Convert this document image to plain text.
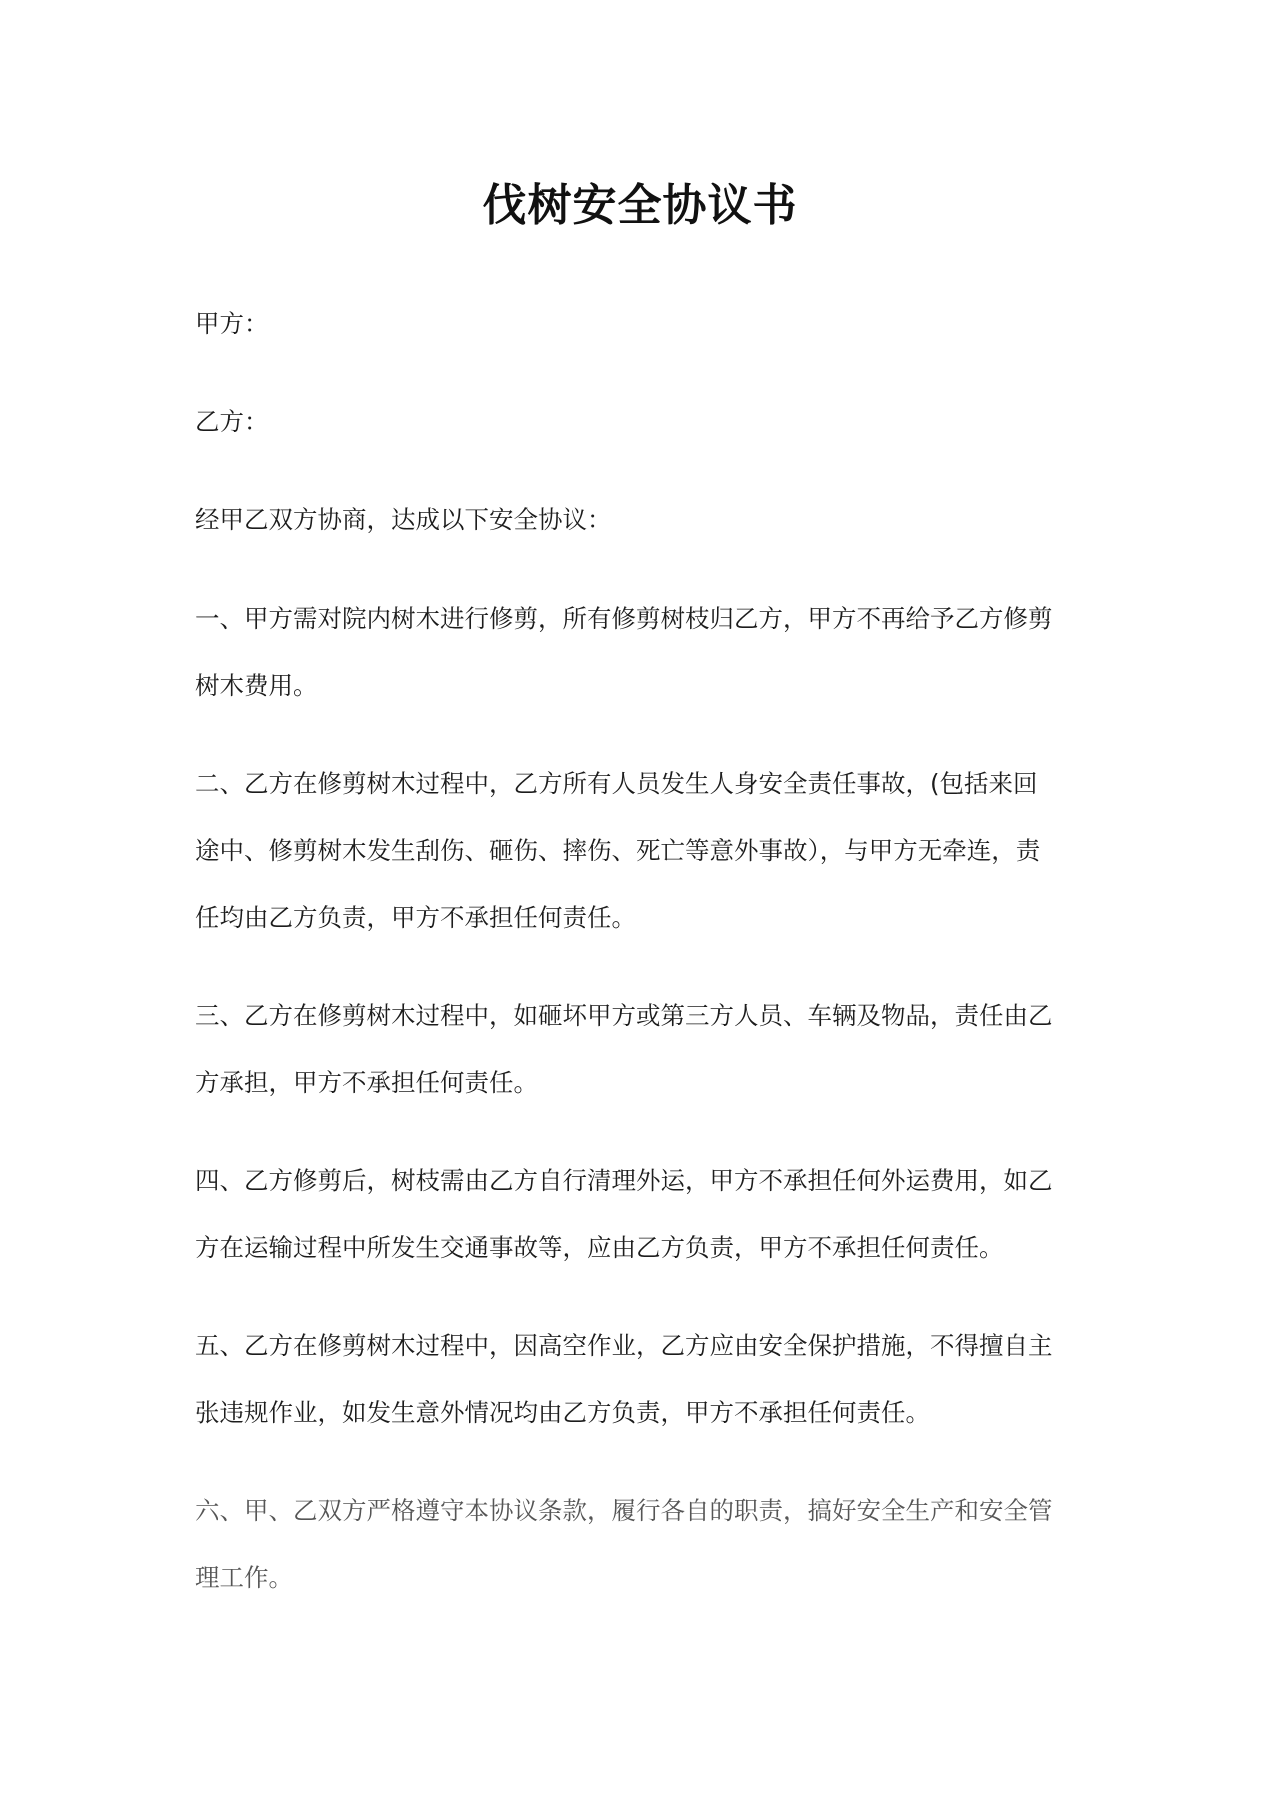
伐树安全协议书
甲方：
乙方：
经甲乙双方协商，达成以下安全协议：
一、甲方需对院内树木进行修剪，所有修剪树枝归乙方，甲方不再给予乙方修剪
树木费用。
二、乙方在修剪树木过程中，乙方所有人员发生人身安全责任事故，(包括来回
途中、修剪树木发生刮伤、砸伤、摔伤、死亡等意外事故），与甲方无牵连，责
任均由乙方负责，甲方不承担任何责任。
三、乙方在修剪树木过程中，如砸坏甲方或第三方人员、车辆及物品，责任由乙
方承担，甲方不承担任何责任。
四、乙方修剪后，树枝需由乙方自行清理外运，甲方不承担任何外运费用，如乙
方在运输过程中所发生交通事故等，应由乙方负责，甲方不承担任何责任。
五、乙方在修剪树木过程中，因高空作业，乙方应由安全保护措施，不得擅自主
张违规作业，如发生意外情况均由乙方负责，甲方不承担任何责任。
六、甲、乙双方严格遵守本协议条款，履行各自的职责，搞好安全生产和安全管
理工作。
